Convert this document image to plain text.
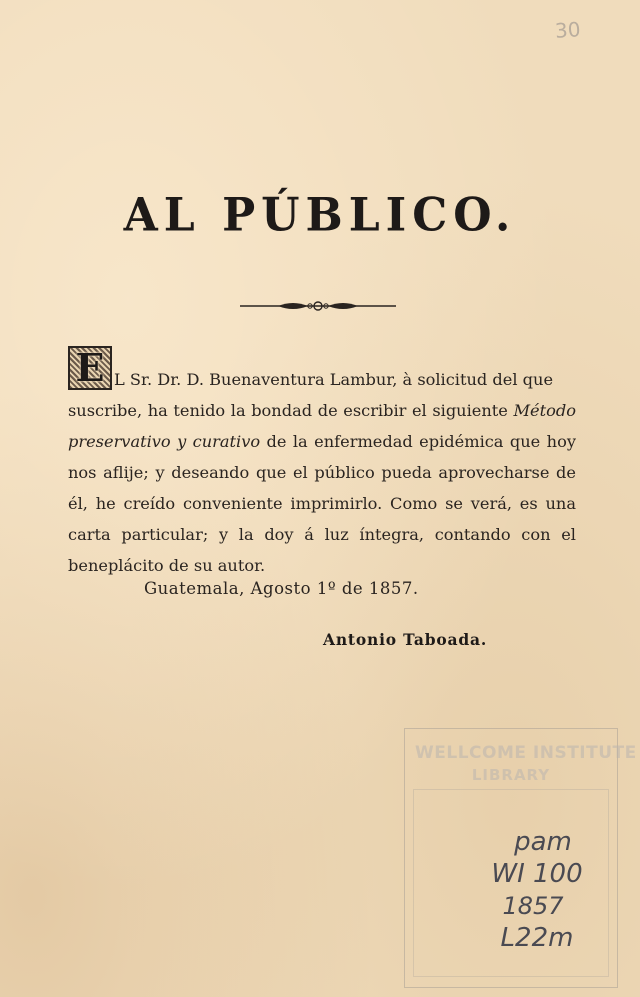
30
AL PÚBLICO.

E L Sr. Dr. D. Buenaventura Lambur, à solicitud del que
suscribe, ha tenido la bondad de escribir el siguiente Método preservativo y curativo de la enfermedad epidémica que hoy nos aflije; y deseando que el público pueda aprovecharse de él, he creído conveniente imprimirlo. Como se verá, es una carta particular; y la doy á luz íntegra, contando con el beneplácito de su autor.

Guatemala, Agosto 1º de 1857.
Antonio Taboada.
WELLCOME INSTITUTE
LIBRARY
pam
WI 100
1857
L22m
